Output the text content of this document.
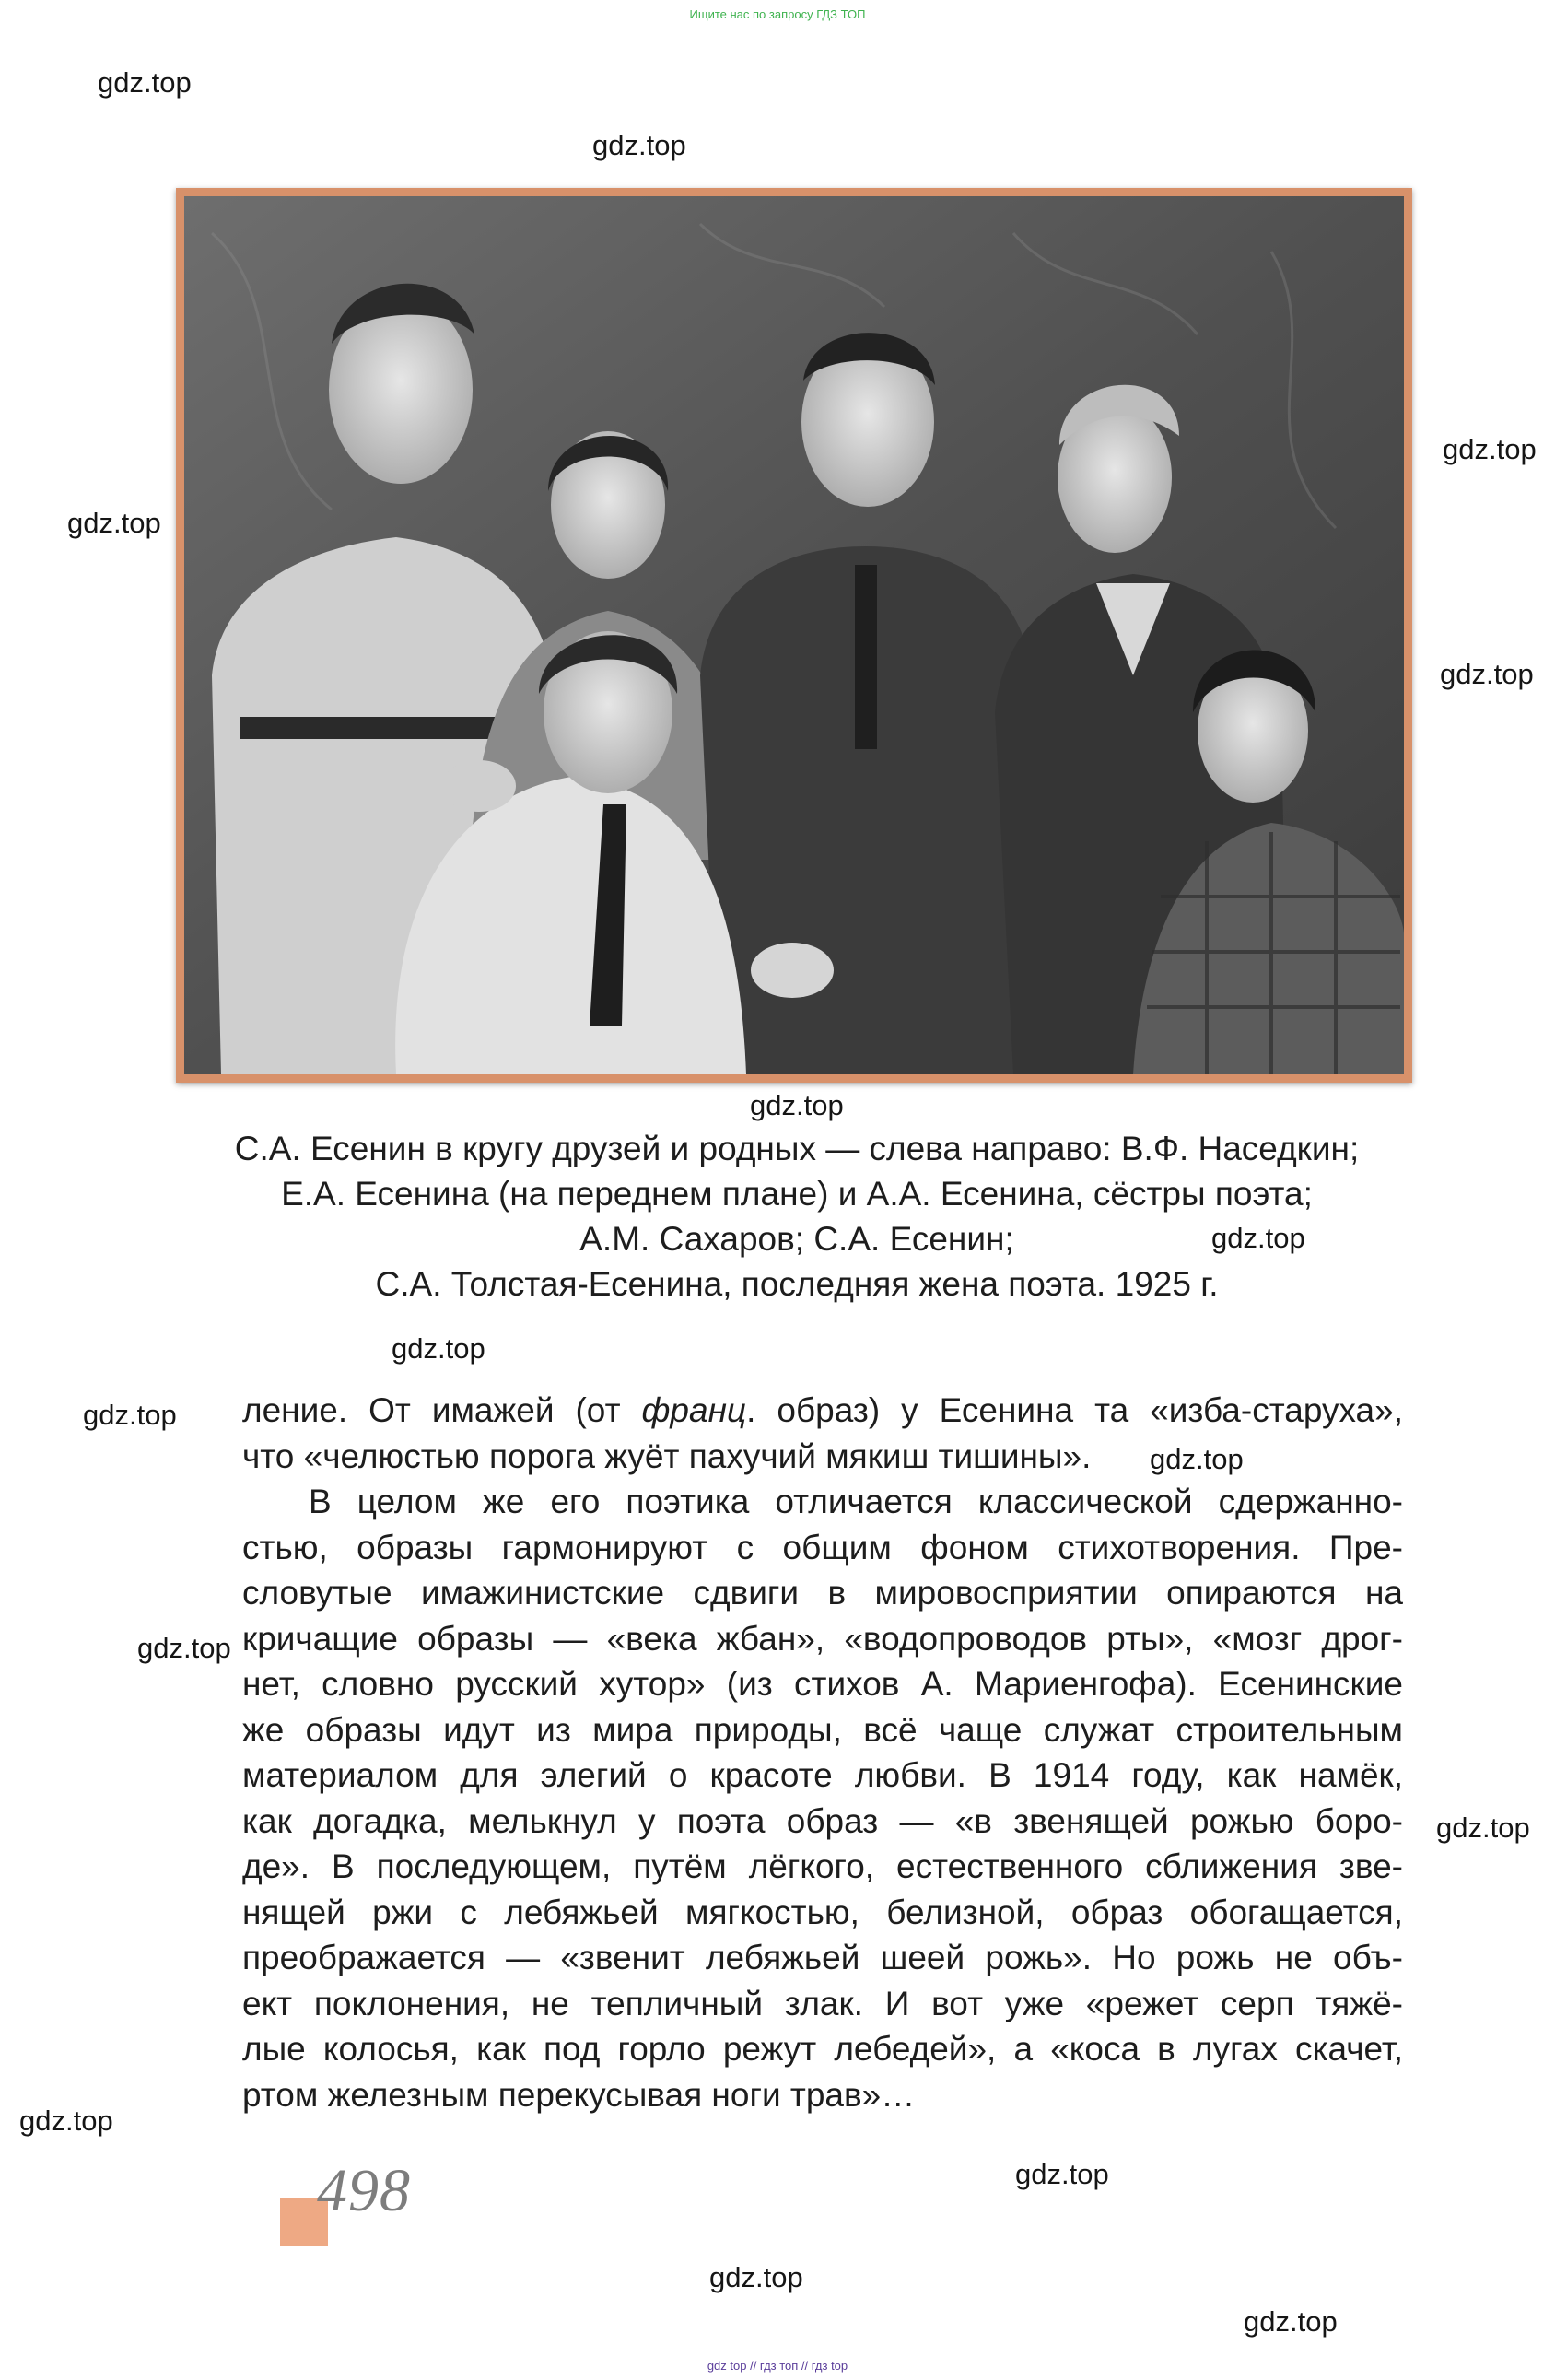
Ищите нас по запросу ГДЗ ТОП
gdz.top
gdz.top
gdz.top
gdz.top
gdz.top
gdz.top
gdz.top
gdz.top
gdz.top
gdz.top
gdz.top
gdz.top
gdz.top
gdz.top
gdz.top
gdz.top
С.А. Есенин в кругу друзей и родных — слева направо: В.Ф. Наседкин;
Е.А. Есенина (на переднем плане) и А.А. Есенина, сёстры поэта;
А.М. Сахаров; С.А. Есенин;
С.А. Толстая-Есенина, последняя жена поэта. 1925 г.
ление. От имажей (от франц. образ) у Есенина та «изба-старуха»,
что «челюстью порога жуёт пахучий мякиш тишины».
В целом же его поэтика отличается классической сдержанно-
стью, образы гармонируют с общим фоном стихотворения. Пре-
словутые имажинистские сдвиги в мировосприятии опираются на
кричащие образы — «века жбан», «водопроводов рты», «мозг дрог-
нет, словно русский хутор» (из стихов А. Мариенгофа). Есенинские
же образы идут из мира природы, всё чаще служат строительным
материалом для элегий о красоте любви. В 1914 году, как намёк,
как догадка, мелькнул у поэта образ — «в звенящей рожью боро-
де». В последующем, путём лёгкого, естественного сближения зве-
нящей ржи с лебяжьей мягкостью, белизной, образ обогащается,
преображается — «звенит лебяжьей шеей рожь». Но рожь не объ-
ект поклонения, не тепличный злак. И вот уже «режет серп тяжё-
лые колосья, как под горло режут лебедей», а «коса в лугах скачет,
ртом железным перекусывая ноги трав»…
498
gdz top // гдз топ // гдз top
